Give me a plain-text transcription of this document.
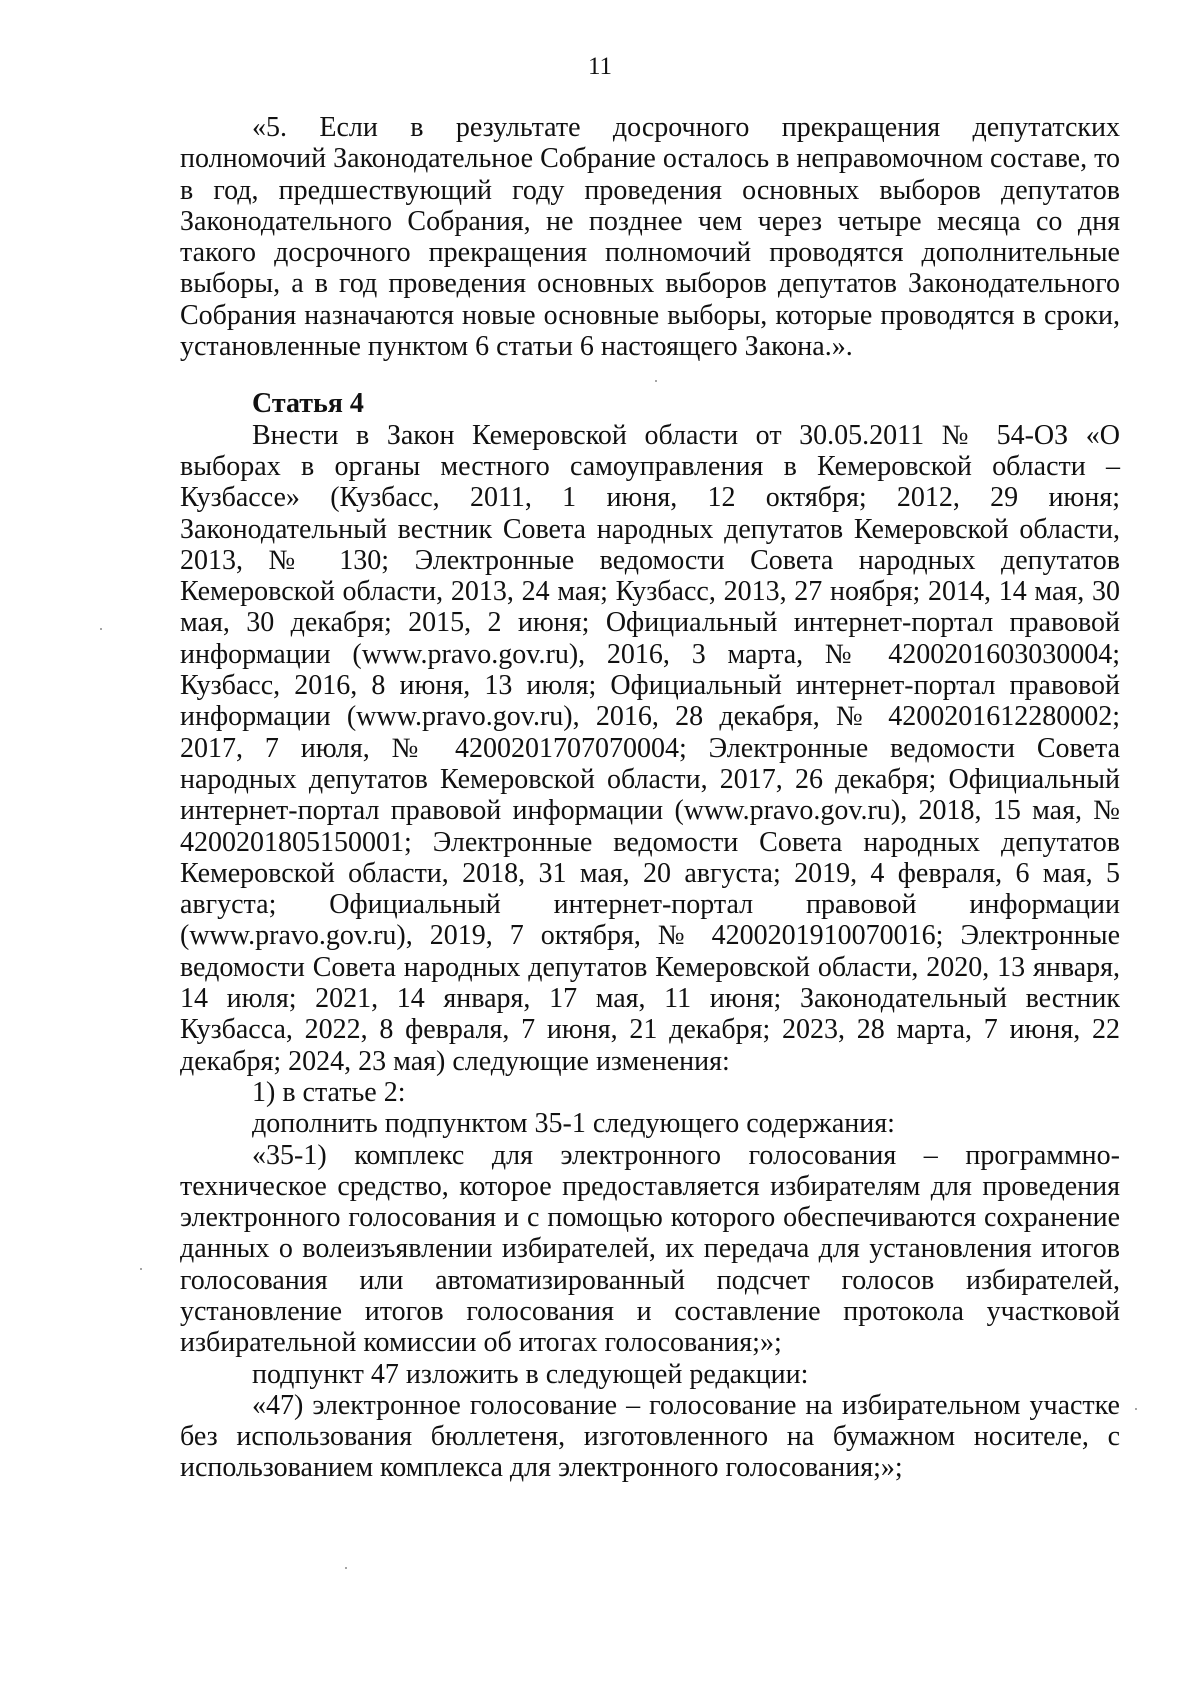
11

«5. Если в результате досрочного прекращения депутатских полномочий Законодательное Собрание осталось в неправомочном составе, то в год, предшествующий году проведения основных выборов депутатов Законодательного Собрания, не позднее чем через четыре месяца со дня такого досрочного прекращения полномочий проводятся дополнительные выборы, а в год проведения основных выборов депутатов Законодательного Собрания назначаются новые основные выборы, которые проводятся в сроки, установленные пунктом 6 статьи 6 настоящего Закона.».

Статья 4

Внести в Закон Кемеровской области от 30.05.2011 № 54-ОЗ «О выборах в органы местного самоуправления в Кемеровской области – Кузбассе» (Кузбасс, 2011, 1 июня, 12 октября; 2012, 29 июня; Законодательный вестник Совета народных депутатов Кемеровской области, 2013, № 130; Электронные ведомости Совета народных депутатов Кемеровской области, 2013, 24 мая; Кузбасс, 2013, 27 ноября; 2014, 14 мая, 30 мая, 30 декабря; 2015, 2 июня; Официальный интернет-портал правовой информации (www.pravo.gov.ru), 2016, 3 марта, № 4200201603030004; Кузбасс, 2016, 8 июня, 13 июля; Официальный интернет-портал правовой информации (www.pravo.gov.ru), 2016, 28 декабря, № 4200201612280002; 2017, 7 июля, № 4200201707070004; Электронные ведомости Совета народных депутатов Кемеровской области, 2017, 26 декабря; Официальный интернет-портал правовой информации (www.pravo.gov.ru), 2018, 15 мая, № 4200201805150001; Электронные ведомости Совета народных депутатов Кемеровской области, 2018, 31 мая, 20 августа; 2019, 4 февраля, 6 мая, 5 августа; Официальный интернет-портал правовой информации (www.pravo.gov.ru), 2019, 7 октября, № 4200201910070016; Электронные ведомости Совета народных депутатов Кемеровской области, 2020, 13 января, 14 июля; 2021, 14 января, 17 мая, 11 июня; Законодательный вестник Кузбасса, 2022, 8 февраля, 7 июня, 21 декабря; 2023, 28 марта, 7 июня, 22 декабря; 2024, 23 мая) следующие изменения:

1) в статье 2:

дополнить подпунктом 35-1 следующего содержания:

«35-1) комплекс для электронного голосования – программно-техническое средство, которое предоставляется избирателям для проведения электронного голосования и с помощью которого обеспечиваются сохранение данных о волеизъявлении избирателей, их передача для установления итогов голосования или автоматизированный подсчет голосов избирателей, установление итогов голосования и составление протокола участковой избирательной комиссии об итогах голосования;»;

подпункт 47 изложить в следующей редакции:

«47) электронное голосование – голосование на избирательном участке без использования бюллетеня, изготовленного на бумажном носителе, с использованием комплекса для электронного голосования;»;
